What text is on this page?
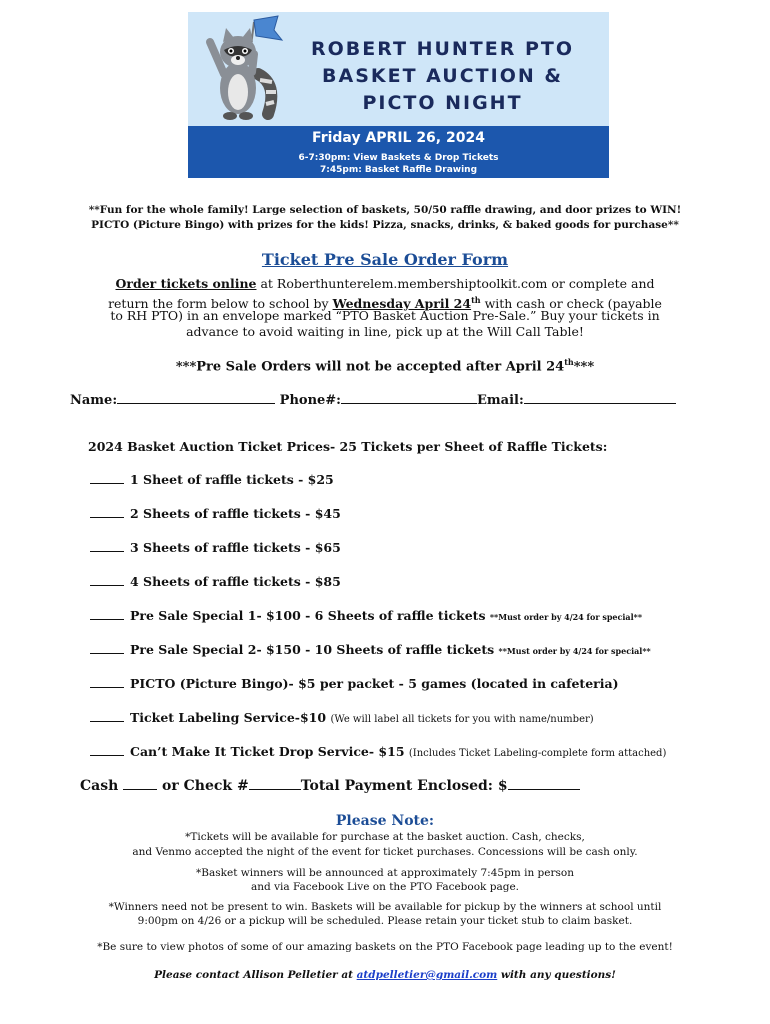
ROBERT HUNTER PTO
BASKET AUCTION &
PICTO NIGHT
Friday APRIL 26, 2024
6-7:30pm: View Baskets & Drop Tickets
7:45pm: Basket Raffle Drawing
**Fun for the whole family! Large selection of baskets, 50/50 raffle drawing, and door prizes to WIN!
PICTO (Picture Bingo) with prizes for the kids! Pizza, snacks, drinks, & baked goods for purchase**
Ticket Pre Sale Order Form
Order tickets online at Roberthunterelem.membershiptoolkit.com or complete and
return the form below to school by Wednesday April 24th with cash or check (payable
to RH PTO) in an envelope marked “PTO Basket Auction Pre-Sale.” Buy your tickets in
advance to avoid waiting in line, pick up at the Will Call Table!
***Pre Sale Orders will not be accepted after April 24th***
Name:	Phone#:	Email:
2024 Basket Auction Ticket Prices- 25 Tickets per Sheet of Raffle Tickets:
1 Sheet of raffle tickets - $25
2 Sheets of raffle tickets - $45
3 Sheets of raffle tickets - $65
4 Sheets of raffle tickets - $85
Pre Sale Special 1- $100 - 6 Sheets of raffle tickets **Must order by 4/24 for special**
Pre Sale Special 2- $150 - 10 Sheets of raffle tickets **Must order by 4/24 for special**
PICTO (Picture Bingo)- $5 per packet - 5 games (located in cafeteria)
Ticket Labeling Service-$10 (We will label all tickets for you with name/number)
Can’t Make It Ticket Drop Service- $15 (Includes Ticket Labeling-complete form attached)
Cash	or Check #	Total Payment Enclosed: $
Please Note:
*Tickets will be available for purchase at the basket auction. Cash, checks,
and Venmo accepted the night of the event for ticket purchases. Concessions will be cash only.
*Basket winners will be announced at approximately 7:45pm in person
and via Facebook Live on the PTO Facebook page.
*Winners need not be present to win. Baskets will be available for pickup by the winners at school until
9:00pm on 4/26 or a pickup will be scheduled. Please retain your ticket stub to claim basket.
*Be sure to view photos of some of our amazing baskets on the PTO Facebook page leading up to the event!
Please contact Allison Pelletier at atdpelletier@gmail.com with any questions!
